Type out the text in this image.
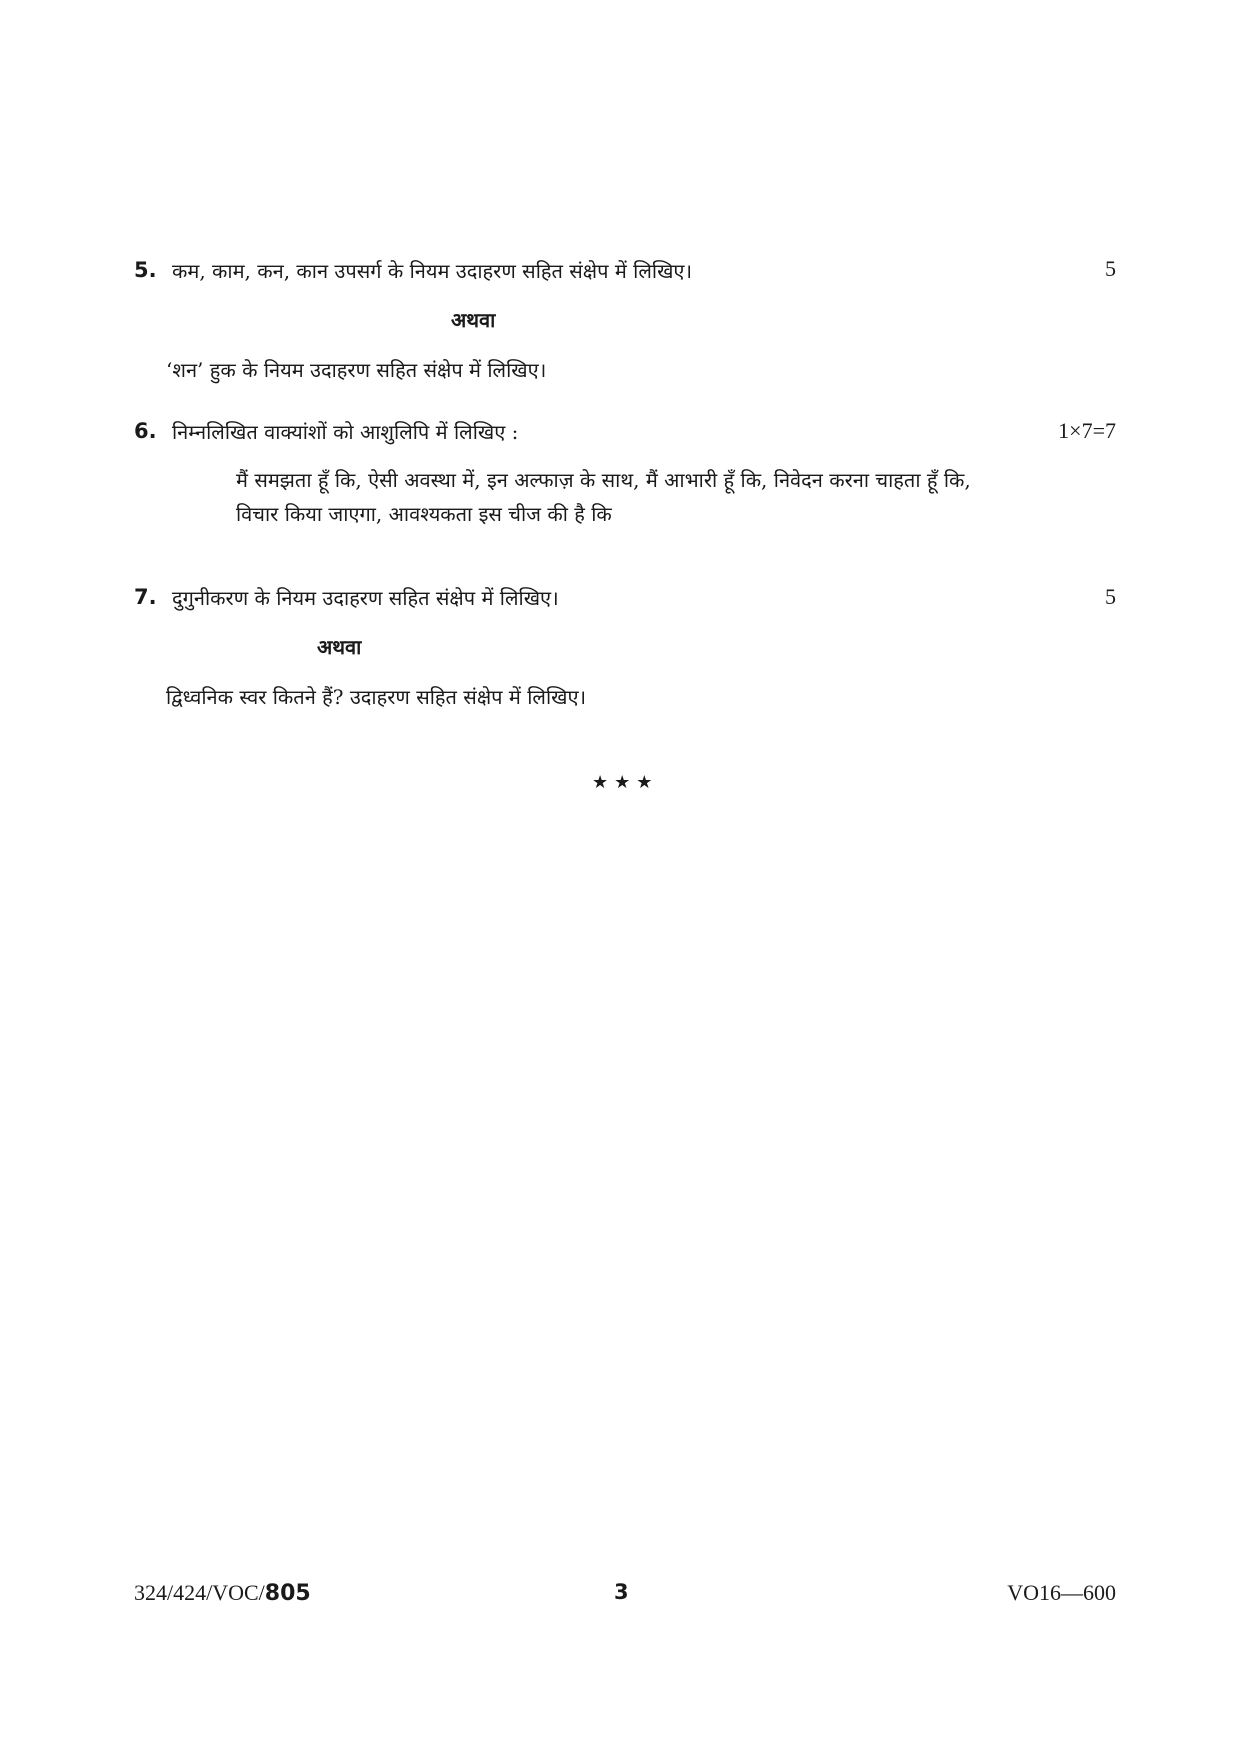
5. कम, काम, कन, कान उपसर्ग के नियम उदाहरण सहित संक्षेप में लिखिए।	5
अथवा
‘शन’ हुक के नियम उदाहरण सहित संक्षेप में लिखिए।
6. निम्नलिखित वाक्यांशों को आशुलिपि में लिखिए :	1×7=7
मैं समझता हूँ कि, ऐसी अवस्था में, इन अल्फाज़ के साथ, मैं आभारी हूँ कि, निवेदन करना चाहता हूँ कि,
विचार किया जाएगा, आवश्यकता इस चीज की है कि
7. दुगुनीकरण के नियम उदाहरण सहित संक्षेप में लिखिए।	5
अथवा
द्विध्वनिक स्वर कितने हैं? उदाहरण सहित संक्षेप में लिखिए।
★★★
324/424/VOC/805	3	VO16—600
